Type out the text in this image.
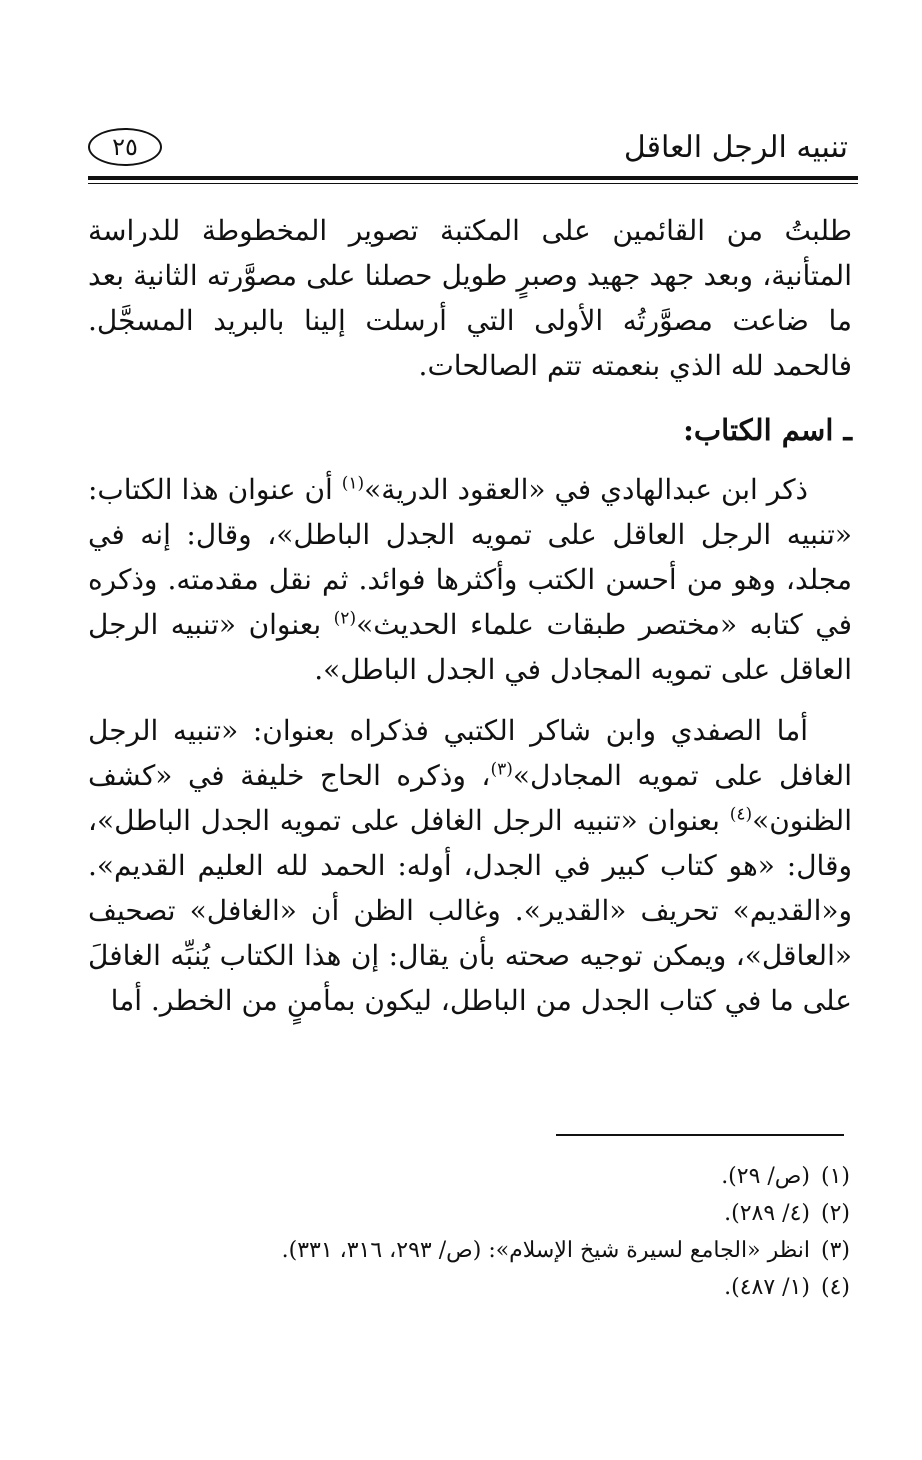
٢٥	تنبيه الرجل العاقل

طلبتُ من القائمين على المكتبة تصوير المخطوطة للدراسة المتأنية، وبعد جهد جهيد وصبرٍ طويل حصلنا على مصوَّرته الثانية بعد ما ضاعت مصوَّرتُه الأولى التي أرسلت إلينا بالبريد المسجَّل. فالحمد لله الذي بنعمته تتم الصالحات.

ـ اسم الكتاب:

ذكر ابن عبدالهادي في «العقود الدرية»$^{(١)}$ أن عنوان هذا الكتاب: «تنبيه الرجل العاقل على تمويه الجدل الباطل»، وقال: إنه في مجلد، وهو من أحسن الكتب وأكثرها فوائد. ثم نقل مقدمته. وذكره في كتابه «مختصر طبقات علماء الحديث»$^{(٢)}$ بعنوان «تنبيه الرجل العاقل على تمويه المجادل في الجدل الباطل».

أما الصفدي وابن شاكر الكتبي فذكراه بعنوان: «تنبيه الرجل الغافل على تمويه المجادل»$^{(٣)}$، وذكره الحاج خليفة في «كشف الظنون»$^{(٤)}$ بعنوان «تنبيه الرجل الغافل على تمويه الجدل الباطل»، وقال: «هو كتاب كبير في الجدل، أوله: الحمد لله العليم القديم». و«القديم» تحريف «القدير». وغالب الظن أن «الغافل» تصحيف «العاقل»، ويمكن توجيه صحته بأن يقال: إن هذا الكتاب يُنبِّه الغافلَ على ما في كتاب الجدل من الباطل، ليكون بمأمنٍ من الخطر. أما

(١)(ص/ ٢٩).

(٢)(٤/ ٢٨٩).

(٣)انظر «الجامع لسيرة شيخ الإسلام»: (ص/ ٢٩٣، ٣١٦، ٣٣١).

(٤)(١/ ٤٨٧).
